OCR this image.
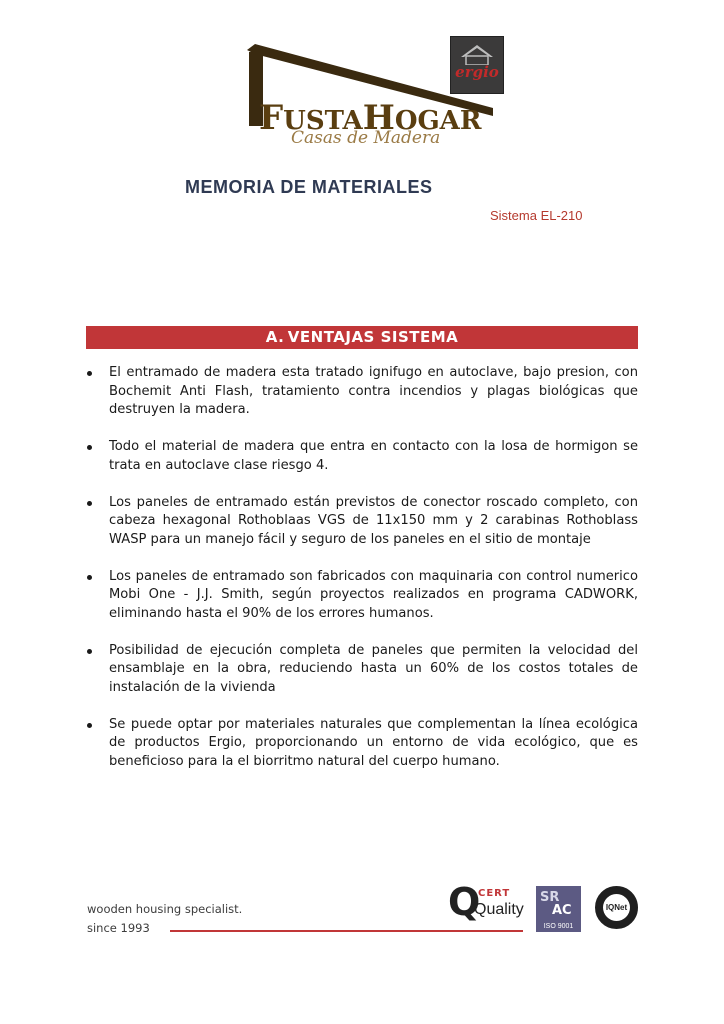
ergio
FUSTAHOGAR
Casas de Madera
MEMORIA DE MATERIALES
Sistema EL-210
A. VENTAJAS SISTEMA
El entramado de madera esta tratado ignifugo en autoclave, bajo presion, con Bochemit Anti Flash, tratamiento contra incendios y plagas biológicas que destruyen la madera.
Todo el material de madera que entra en contacto con la losa de hormigon se trata en autoclave clase riesgo 4.
Los paneles de entramado están previstos de conector roscado completo, con cabeza hexagonal Rothoblaas VGS de 11x150 mm y 2 carabinas Rothoblass WASP para un manejo fácil y seguro de los paneles en el sitio de montaje
Los paneles de entramado son fabricados con maquinaria con control numerico Mobi One - J.J. Smith, según proyectos realizados en programa CADWORK, eliminando hasta el 90% de los errores humanos.
Posibilidad de ejecución completa de paneles que permiten la velocidad del ensamblaje en la obra, reduciendo hasta un 60% de los costos totales de instalación de la vivienda
Se puede optar por materiales naturales que complementan la línea ecológica de productos Ergio, proporcionando un entorno de vida ecológico, que es beneficioso para la el biorritmo natural del cuerpo humano.
wooden housing specialist.
since 1993
Q
CERT
Quality
SR
AC
ISO 9001
IQNet
